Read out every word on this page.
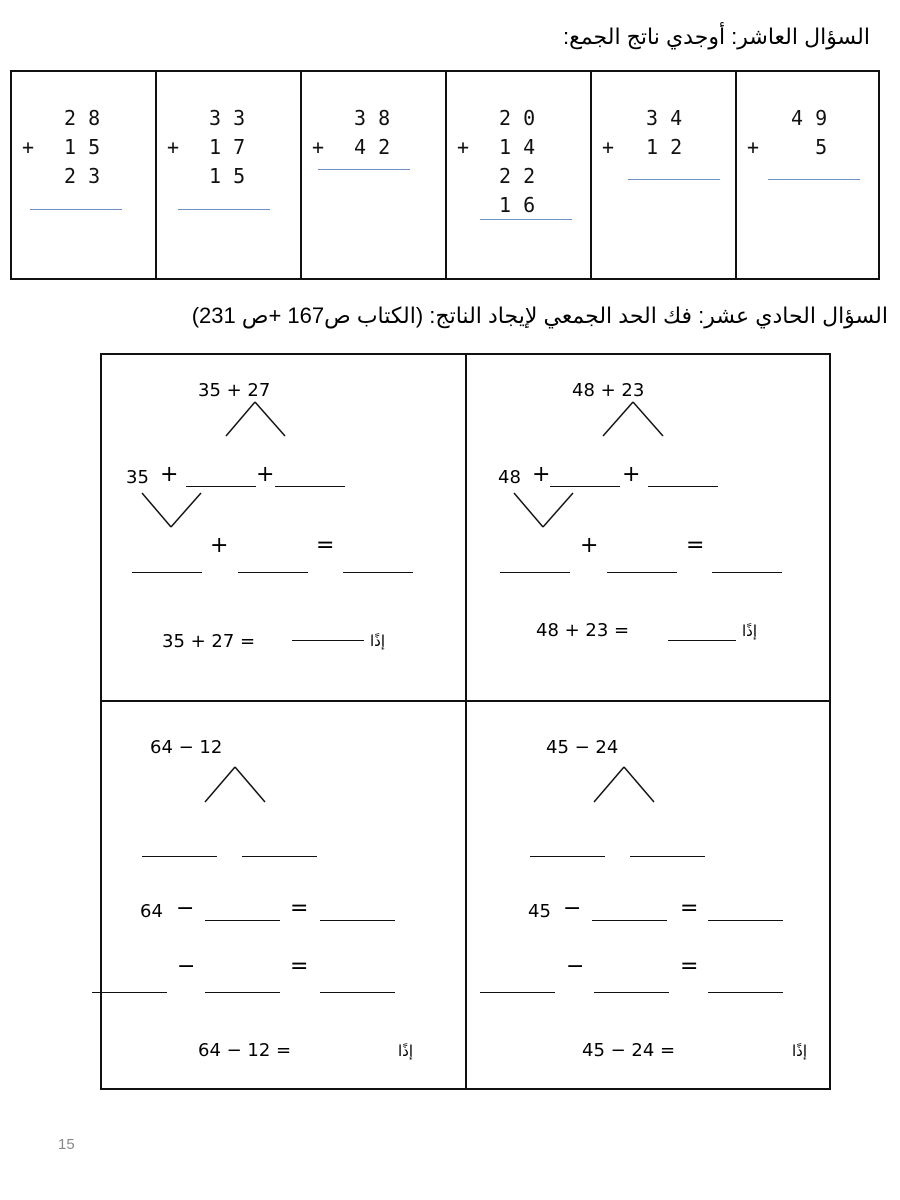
السؤال العاشر: أوجدي ناتج الجمع:
2 8
1 5
2 3
+
3 3
1 7
1 5
+
3 8
4 2
+
2 0
1 4
2 2
1 6
+
3 4
1 2
+
4 9
5
+
السؤال الحادي عشر: فك الحد الجمعي لإيجاد الناتج: (الكتاب ص167 +ص 231)
35 + 27
35 +	+
+	=
35 + 27 =	إذًا
48 + 23
48 +	+
+	=
48 + 23 =	إذًا
64 − 12
64 −	=
−	=
64 − 12 =	إذًا
45 − 24
45 −	=
−	=
45 − 24 =	إذًا
15
